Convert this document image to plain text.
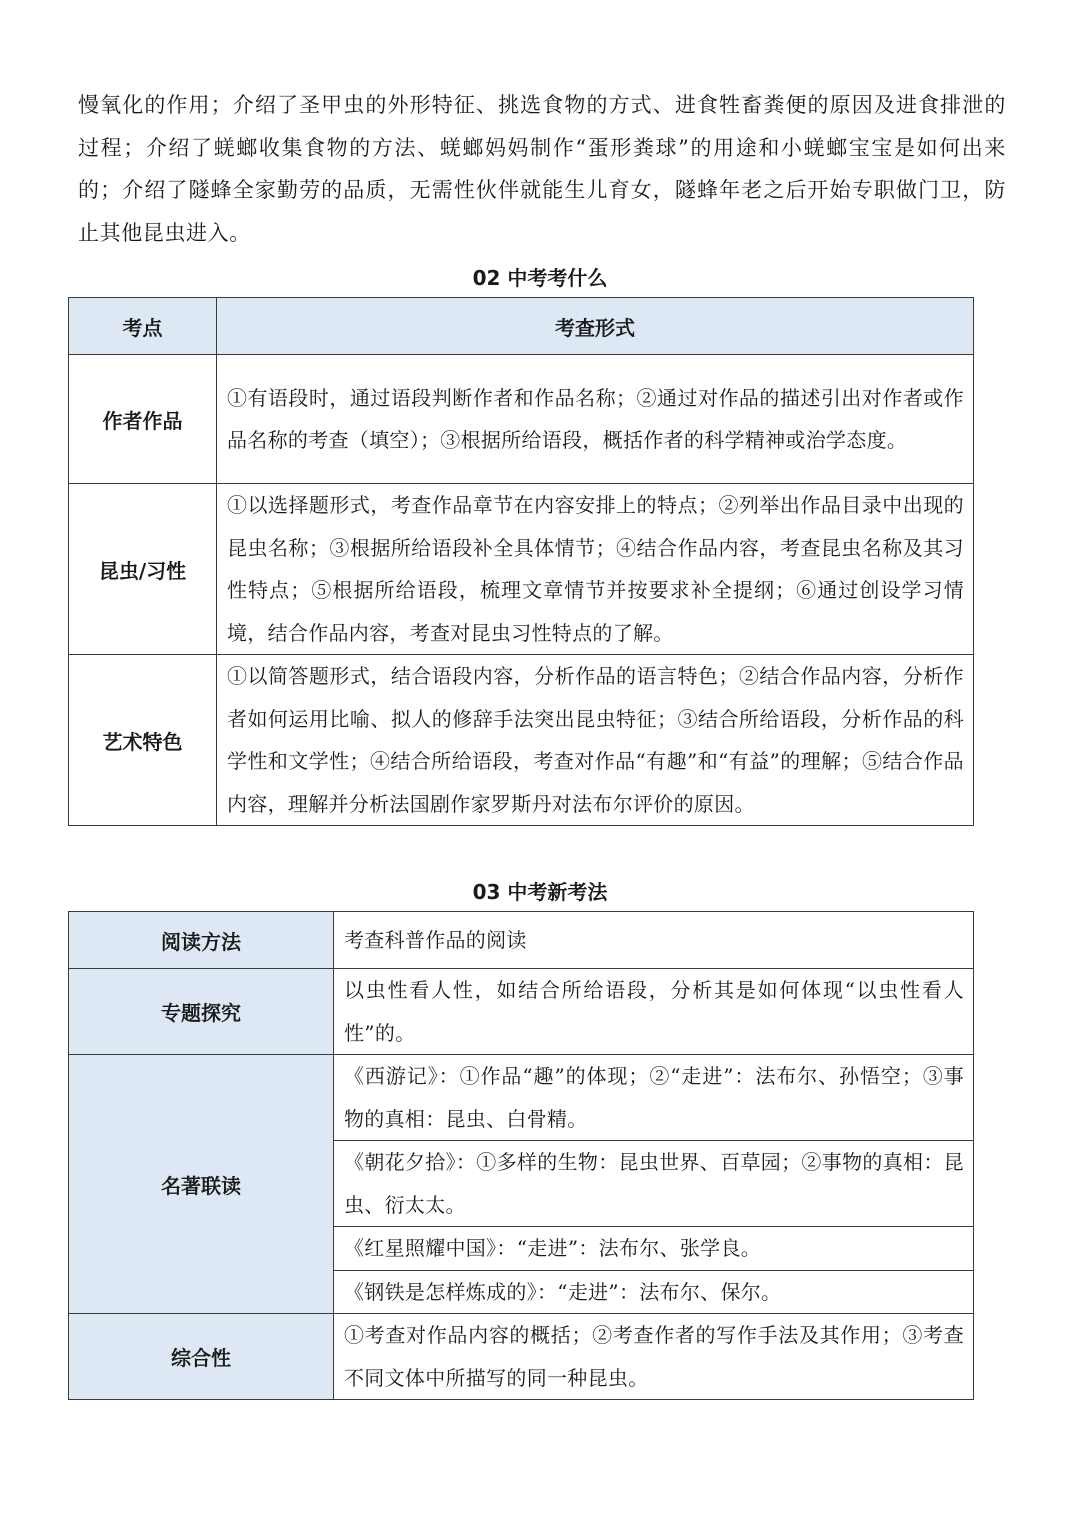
慢氧化的作用；介绍了圣甲虫的外形特征、挑选食物的方式、进食牲畜粪便的原因及进食排泄的过程；介绍了蜣螂收集食物的方法、蜣螂妈妈制作“蛋形粪球”的用途和小蜣螂宝宝是如何出来的；介绍了隧蜂全家勤劳的品质，无需性伙伴就能生儿育女，隧蜂年老之后开始专职做门卫，防止其他昆虫进入。
02 中考考什么
考点	考查形式
作者作品	①有语段时，通过语段判断作者和作品名称；②通过对作品的描述引出对作者或作品名称的考查（填空）；③根据所给语段，概括作者的科学精神或治学态度。
昆虫/习性	①以选择题形式，考查作品章节在内容安排上的特点；②列举出作品目录中出现的昆虫名称；③根据所给语段补全具体情节；④结合作品内容，考查昆虫名称及其习性特点；⑤根据所给语段，梳理文章情节并按要求补全提纲；⑥通过创设学习情境，结合作品内容，考查对昆虫习性特点的了解。
艺术特色	①以简答题形式，结合语段内容，分析作品的语言特色；②结合作品内容，分析作者如何运用比喻、拟人的修辞手法突出昆虫特征；③结合所给语段，分析作品的科学性和文学性；④结合所给语段，考查对作品“有趣”和“有益”的理解；⑤结合作品内容，理解并分析法国剧作家罗斯丹对法布尔评价的原因。
03 中考新考法
阅读方法	考查科普作品的阅读
专题探究	以虫性看人性，如结合所给语段，分析其是如何体现“以虫性看人性”的。
名著联读	《西游记》：①作品“趣”的体现；②“走进”：法布尔、孙悟空；③事物的真相：昆虫、白骨精。
	《朝花夕拾》：①多样的生物：昆虫世界、百草园；②事物的真相：昆虫、衍太太。
	《红星照耀中国》：“走进”：法布尔、张学良。
	《钢铁是怎样炼成的》：“走进”：法布尔、保尔。
综合性	①考查对作品内容的概括；②考查作者的写作手法及其作用；③考查不同文体中所描写的同一种昆虫。
